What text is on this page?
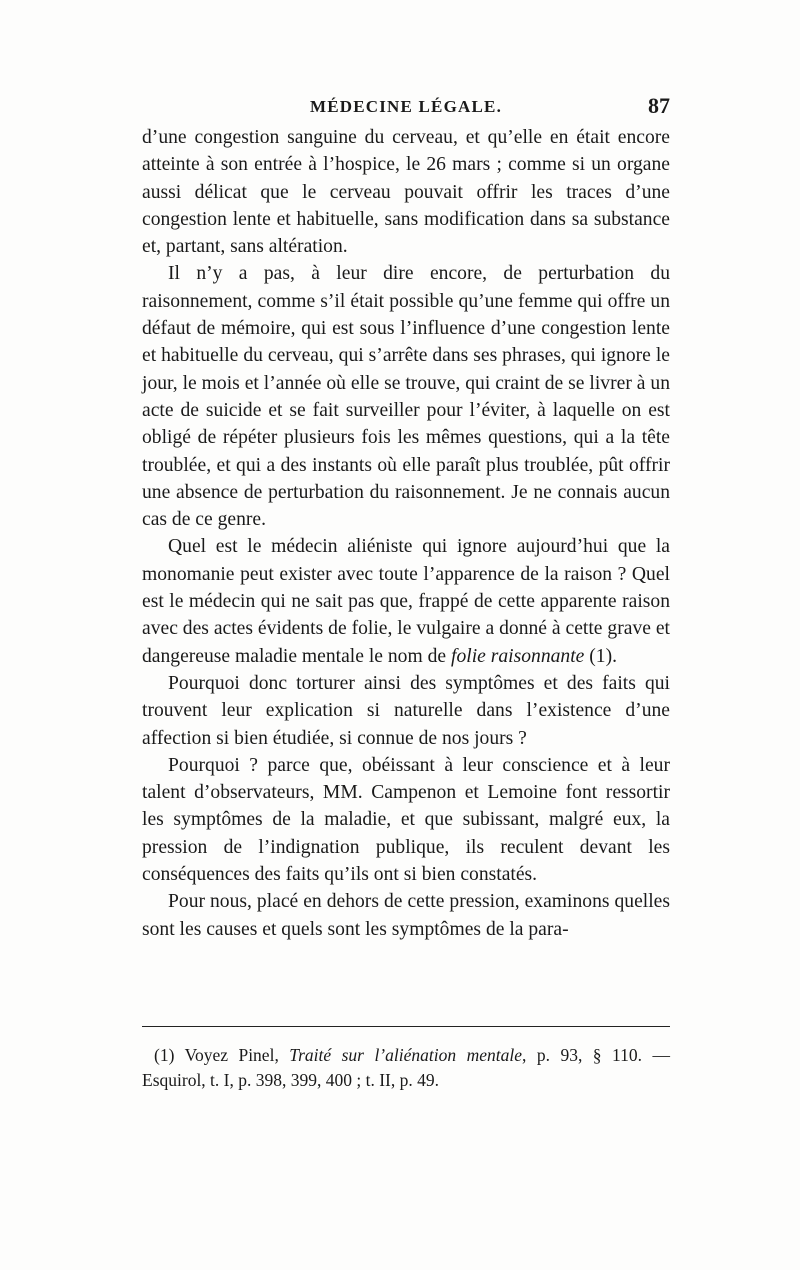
MÉDECINE LÉGALE.	87

d’une congestion sanguine du cerveau, et qu’elle en était encore atteinte à son entrée à l’hospice, le 26 mars ; comme si un organe aussi délicat que le cerveau pouvait offrir les traces d’une congestion lente et habituelle, sans modification dans sa substance et, partant, sans altération.

Il n’y a pas, à leur dire encore, de perturbation du raisonnement, comme s’il était possible qu’une femme qui offre un défaut de mémoire, qui est sous l’influence d’une congestion lente et habituelle du cerveau, qui s’arrête dans ses phrases, qui ignore le jour, le mois et l’année où elle se trouve, qui craint de se livrer à un acte de suicide et se fait surveiller pour l’éviter, à laquelle on est obligé de répéter plusieurs fois les mêmes questions, qui a la tête troublée, et qui a des instants où elle paraît plus troublée, pût offrir une absence de perturbation du raisonnement. Je ne connais aucun cas de ce genre.

Quel est le médecin aliéniste qui ignore aujourd’hui que la monomanie peut exister avec toute l’apparence de la raison ? Quel est le médecin qui ne sait pas que, frappé de cette apparente raison avec des actes évidents de folie, le vulgaire a donné à cette grave et dangereuse maladie mentale le nom de folie raisonnante (1).

Pourquoi donc torturer ainsi des symptômes et des faits qui trouvent leur explication si naturelle dans l’existence d’une affection si bien étudiée, si connue de nos jours ?

Pourquoi ? parce que, obéissant à leur conscience et à leur talent d’observateurs, MM. Campenon et Lemoine font ressortir les symptômes de la maladie, et que subissant, malgré eux, la pression de l’indignation publique, ils reculent devant les conséquences des faits qu’ils ont si bien constatés.

Pour nous, placé en dehors de cette pression, examinons quelles sont les causes et quels sont les symptômes de la para-

(1) Voyez Pinel, Traité sur l’aliénation mentale, p. 93, § 110. — Esquirol, t. I, p. 398, 399, 400 ; t. II, p. 49.
